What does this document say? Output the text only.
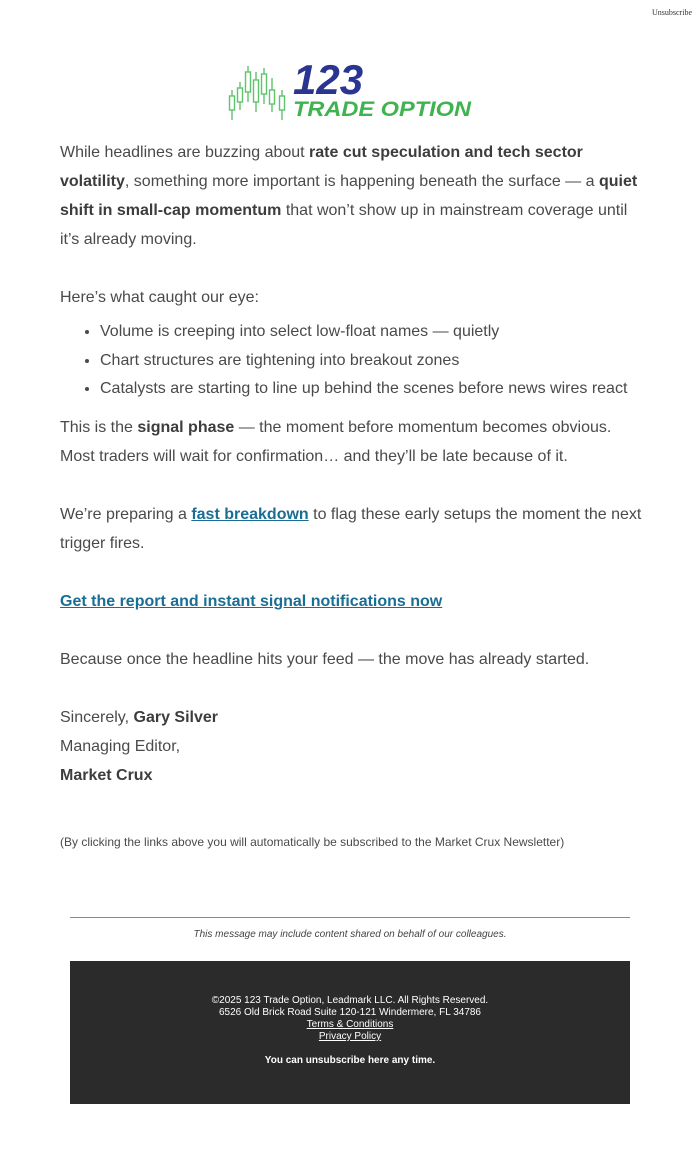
Unsubscribe
123
TRADE OPTION

While headlines are buzzing about rate cut speculation and tech sector volatility, something more important is happening beneath the surface — a quiet shift in small-cap momentum that won’t show up in mainstream coverage until it’s already moving.

Here’s what caught our eye:

• Volume is creeping into select low-float names — quietly
• Chart structures are tightening into breakout zones
• Catalysts are starting to line up behind the scenes before news wires react

This is the signal phase — the moment before momentum becomes obvious. Most traders will wait for confirmation… and they’ll be late because of it.

We’re preparing a fast breakdown to flag these early setups the moment the next trigger fires.

Get the report and instant signal notifications now

Because once the headline hits your feed — the move has already started.

Sincerely, Gary Silver
Managing Editor,
Market Crux

(By clicking the links above you will automatically be subscribed to the Market Crux Newsletter)
This message may include content shared on behalf of our colleagues.
©2025 123 Trade Option, Leadmark LLC. All Rights Reserved.
6526 Old Brick Road Suite 120-121 Windermere, FL 34786
Terms & Conditions
Privacy Policy
You can unsubscribe here any time.
